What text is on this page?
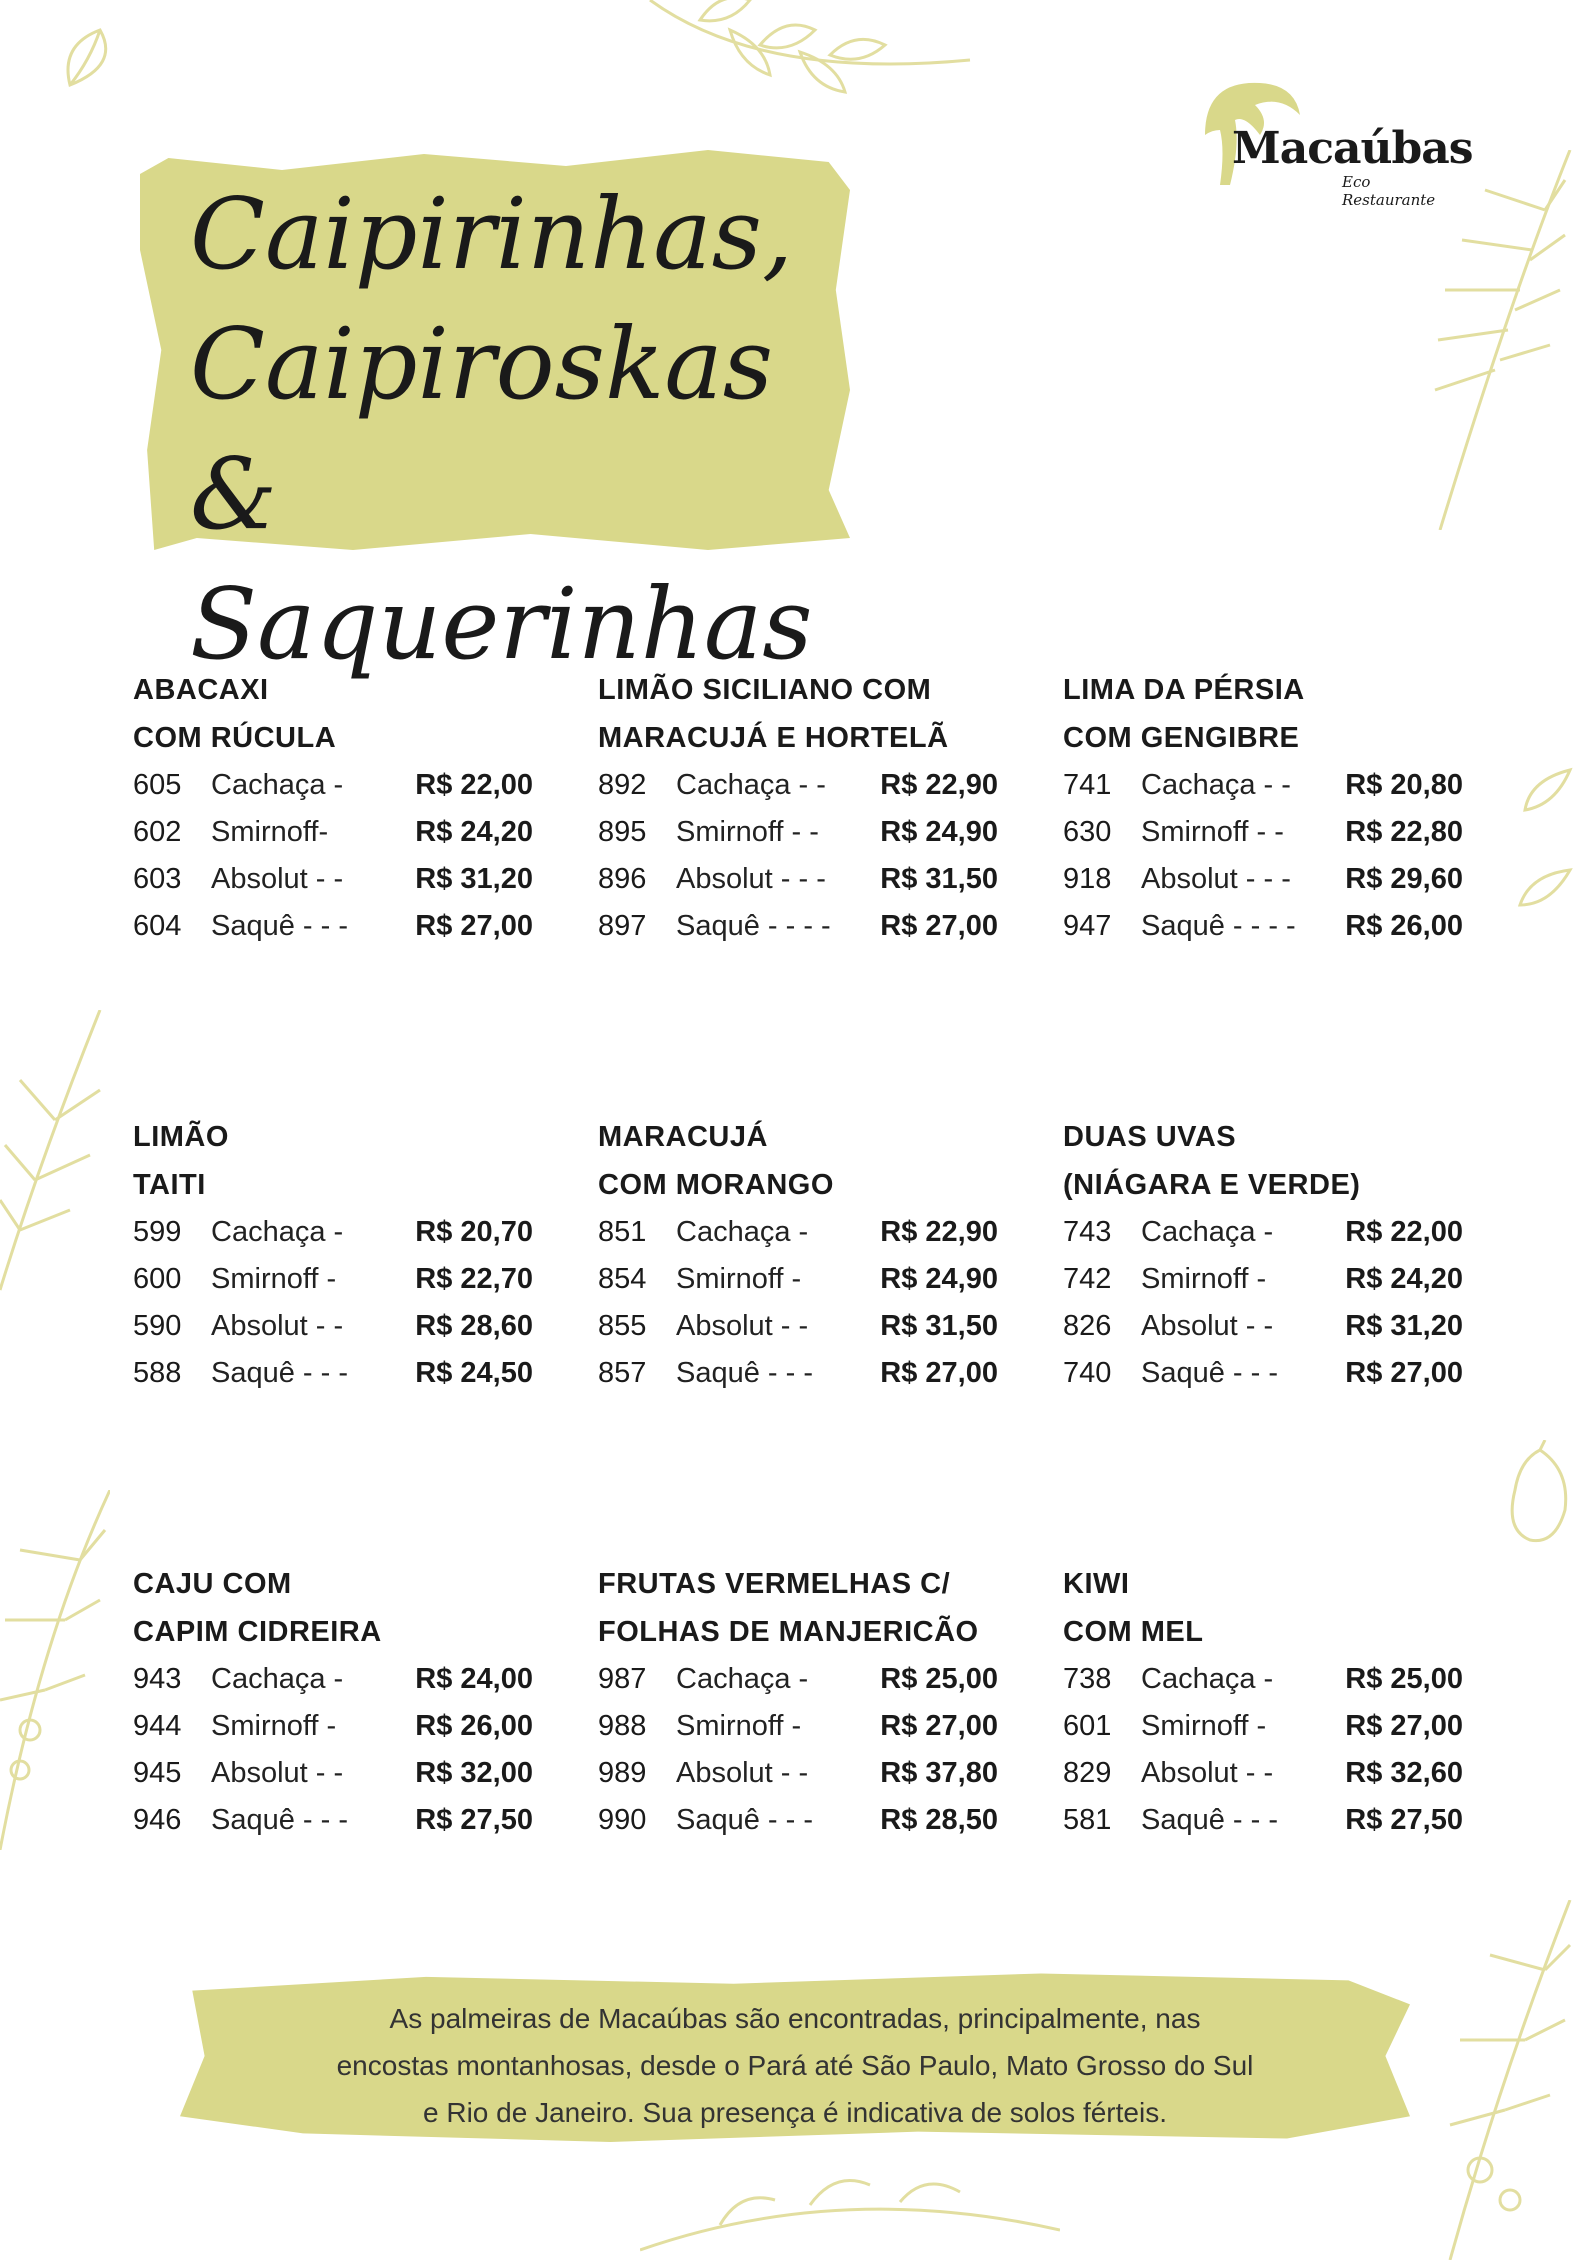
Macaúbas
Eco Restaurante
Caipirinhas,
Caipiroskas &
Saquerinhas
ABACAXI
COM RÚCULA
605	Cachaça -	R$ 22,00
602	Smirnoff-	R$ 24,20
603	Absolut - -	R$ 31,20
604	Saquê - - -	R$ 27,00
LIMÃO SICILIANO COM
MARACUJÁ E HORTELÃ
892	Cachaça - -	R$ 22,90
895	Smirnoff - -	R$ 24,90
896	Absolut - - -	R$ 31,50
897	Saquê - - - -	R$ 27,00
LIMA DA PÉRSIA
COM GENGIBRE
741	Cachaça - -	R$ 20,80
630	Smirnoff - -	R$ 22,80
918	Absolut - - -	R$ 29,60
947	Saquê - - - -	R$ 26,00
LIMÃO
TAITI
599	Cachaça -	R$ 20,70
600	Smirnoff -	R$ 22,70
590	Absolut - -	R$ 28,60
588	Saquê - - -	R$ 24,50
MARACUJÁ
COM MORANGO
851	Cachaça -	R$ 22,90
854	Smirnoff -	R$ 24,90
855	Absolut - -	R$ 31,50
857	Saquê - - -	R$ 27,00
DUAS UVAS
(NIÁGARA E VERDE)
743	Cachaça -	R$ 22,00
742	Smirnoff -	R$ 24,20
826	Absolut - -	R$ 31,20
740	Saquê - - -	R$ 27,00
CAJU COM
CAPIM CIDREIRA
943	Cachaça -	R$ 24,00
944	Smirnoff -	R$ 26,00
945	Absolut - -	R$ 32,00
946	Saquê - - -	R$ 27,50
FRUTAS VERMELHAS C/
FOLHAS DE MANJERICÃO
987	Cachaça -	R$ 25,00
988	Smirnoff -	R$ 27,00
989	Absolut - -	R$ 37,80
990	Saquê - - -	R$ 28,50
KIWI
COM MEL
738	Cachaça -	R$ 25,00
601	Smirnoff -	R$ 27,00
829	Absolut - -	R$ 32,60
581	Saquê - - -	R$ 27,50
As palmeiras de Macaúbas são encontradas, principalmente, nas
encostas montanhosas, desde o Pará até São Paulo, Mato Grosso do Sul
e Rio de Janeiro. Sua presença é indicativa de solos férteis.
